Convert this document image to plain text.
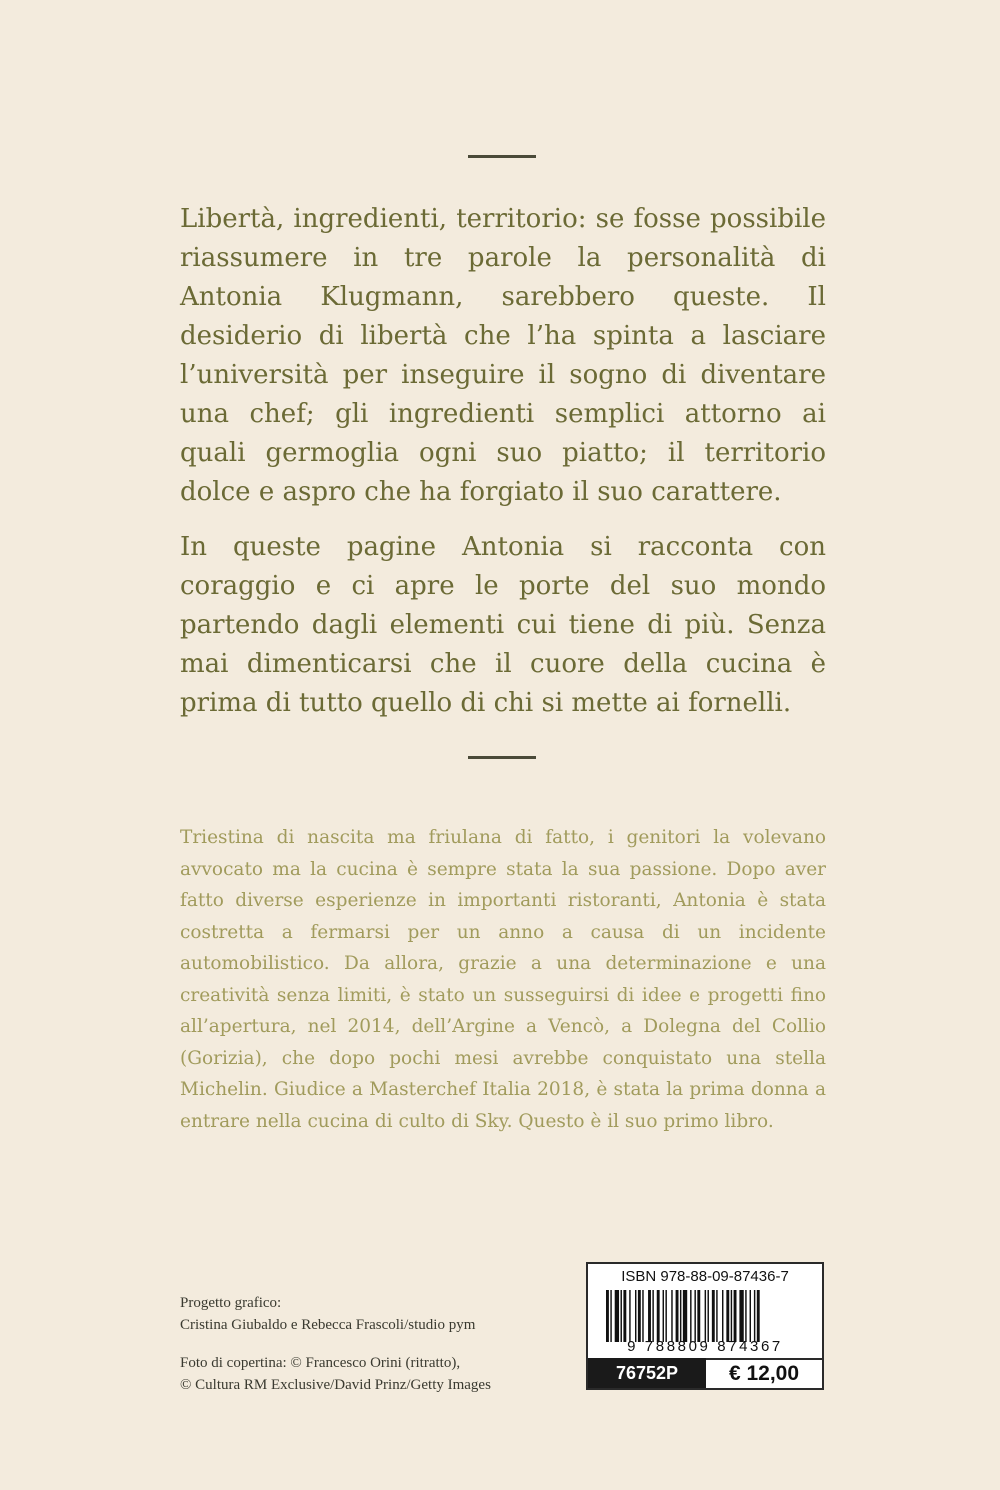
Libertà, ingredienti, territorio: se fosse possibile riassumere in tre parole la personalità di Antonia Klugmann, sarebbero queste. Il desiderio di libertà che l’ha spinta a lasciare l’università per inseguire il sogno di diventare una chef; gli ingredienti semplici attorno ai quali germoglia ogni suo piatto; il territorio dolce e aspro che ha forgiato il suo carattere.

In queste pagine Antonia si racconta con coraggio e ci apre le porte del suo mondo partendo dagli elementi cui tiene di più. Senza mai dimenticarsi che il cuore della cucina è prima di tutto quello di chi si mette ai fornelli.

Triestina di nascita ma friulana di fatto, i genitori la volevano avvocato ma la cucina è sempre stata la sua passione. Dopo aver fatto diverse esperienze in importanti ristoranti, Antonia è stata costretta a fermarsi per un anno a causa di un incidente automobilistico. Da allora, grazie a una determinazione e una creatività senza limiti, è stato un susseguirsi di idee e progetti fino all’apertura, nel 2014, dell’Argine a Vencò, a Dolegna del Collio (Gorizia), che dopo pochi mesi avrebbe conquistato una stella Michelin. Giudice a Masterchef Italia 2018, è stata la prima donna a entrare nella cucina di culto di Sky. Questo è il suo primo libro.

Progetto grafico:
Cristina Giubaldo e Rebecca Frascoli/studio pym
Foto di copertina: © Francesco Orini (ritratto),
© Cultura RM Exclusive/David Prinz/Getty Images
ISBN 978-88-09-87436-7
9 788809 874367
76752P	€ 12,00
